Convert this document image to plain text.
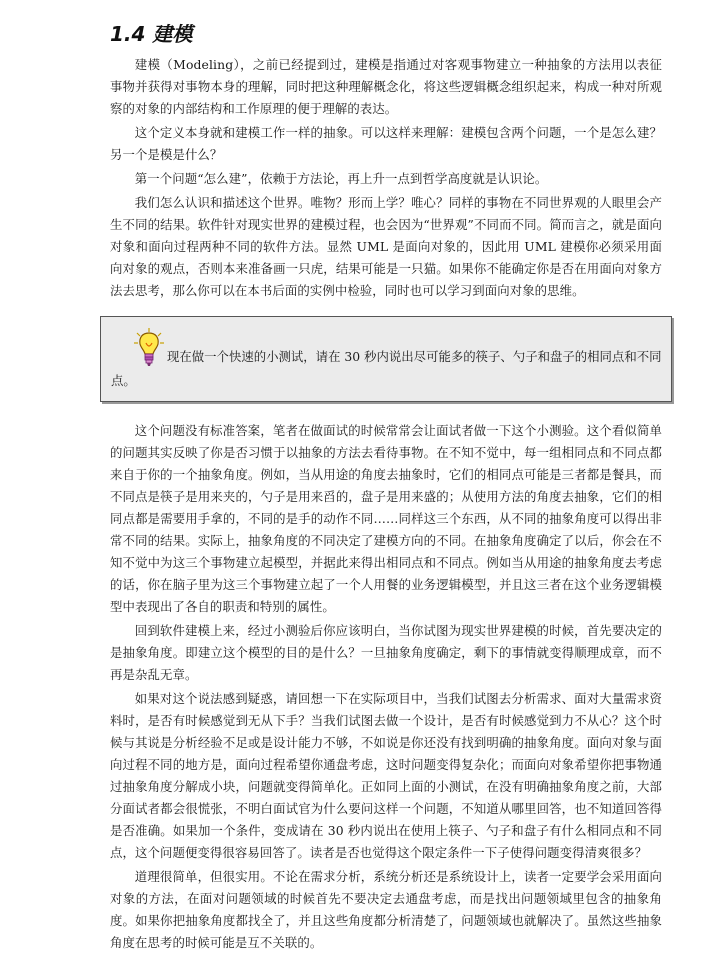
1.4 建模

建模（Modeling），之前已经提到过，建模是指通过对客观事物建立一种抽象的方法用以表征事物并获得对事物本身的理解，同时把这种理解概念化，将这些逻辑概念组织起来，构成一种对所观察的对象的内部结构和工作原理的便于理解的表达。

这个定义本身就和建模工作一样的抽象。可以这样来理解：建模包含两个问题，一个是怎么建？另一个是模是什么？

第一个问题“怎么建”，依赖于方法论，再上升一点到哲学高度就是认识论。

我们怎么认识和描述这个世界。唯物？形而上学？唯心？同样的事物在不同世界观的人眼里会产生不同的结果。软件针对现实世界的建模过程，也会因为“世界观”不同而不同。简而言之，就是面向对象和面向过程两种不同的软件方法。显然 UML 是面向对象的，因此用 UML 建模你必须采用面向对象的观点，否则本来准备画一只虎，结果可能是一只猫。如果你不能确定你是否在用面向对象方法去思考，那么你可以在本书后面的实例中检验，同时也可以学习到面向对象的思维。

现在做一个快速的小测试，请在 30 秒内说出尽可能多的筷子、勺子和盘子的相同点和不同点。

这个问题没有标准答案，笔者在做面试的时候常常会让面试者做一下这个小测验。这个看似简单的问题其实反映了你是否习惯于以抽象的方法去看待事物。在不知不觉中，每一组相同点和不同点都来自于你的一个抽象角度。例如，当从用途的角度去抽象时，它们的相同点可能是三者都是餐具，而不同点是筷子是用来夹的，勺子是用来舀的，盘子是用来盛的；从使用方法的角度去抽象，它们的相同点都是需要用手拿的，不同的是手的动作不同……同样这三个东西，从不同的抽象角度可以得出非常不同的结果。实际上，抽象角度的不同决定了建模方向的不同。在抽象角度确定了以后，你会在不知不觉中为这三个事物建立起模型，并据此来得出相同点和不同点。例如当从用途的抽象角度去考虑的话，你在脑子里为这三个事物建立起了一个人用餐的业务逻辑模型，并且这三者在这个业务逻辑模型中表现出了各自的职责和特别的属性。

回到软件建模上来，经过小测验后你应该明白，当你试图为现实世界建模的时候，首先要决定的是抽象角度。即建立这个模型的目的是什么？一旦抽象角度确定，剩下的事情就变得顺理成章，而不再是杂乱无章。

如果对这个说法感到疑惑，请回想一下在实际项目中，当我们试图去分析需求、面对大量需求资料时，是否有时候感觉到无从下手？当我们试图去做一个设计，是否有时候感觉到力不从心？这个时候与其说是分析经验不足或是设计能力不够，不如说是你还没有找到明确的抽象角度。面向对象与面向过程不同的地方是，面向过程希望你通盘考虑，这时问题变得复杂化；而面向对象希望你把事物通过抽象角度分解成小块，问题就变得简单化。正如同上面的小测试，在没有明确抽象角度之前，大部分面试者都会很慌张，不明白面试官为什么要问这样一个问题，不知道从哪里回答，也不知道回答得是否准确。如果加一个条件，变成请在 30 秒内说出在使用上筷子、勺子和盘子有什么相同点和不同点，这个问题便变得很容易回答了。读者是否也觉得这个限定条件一下子使得问题变得清爽很多？

道理很简单，但很实用。不论在需求分析，系统分析还是系统设计上，读者一定要学会采用面向对象的方法，在面对问题领域的时候首先不要决定去通盘考虑，而是找出问题领域里包含的抽象角度。如果你把抽象角度都找全了，并且这些角度都分析清楚了，问题领域也就解决了。虽然这些抽象角度在思考的时候可能是互不关联的。
